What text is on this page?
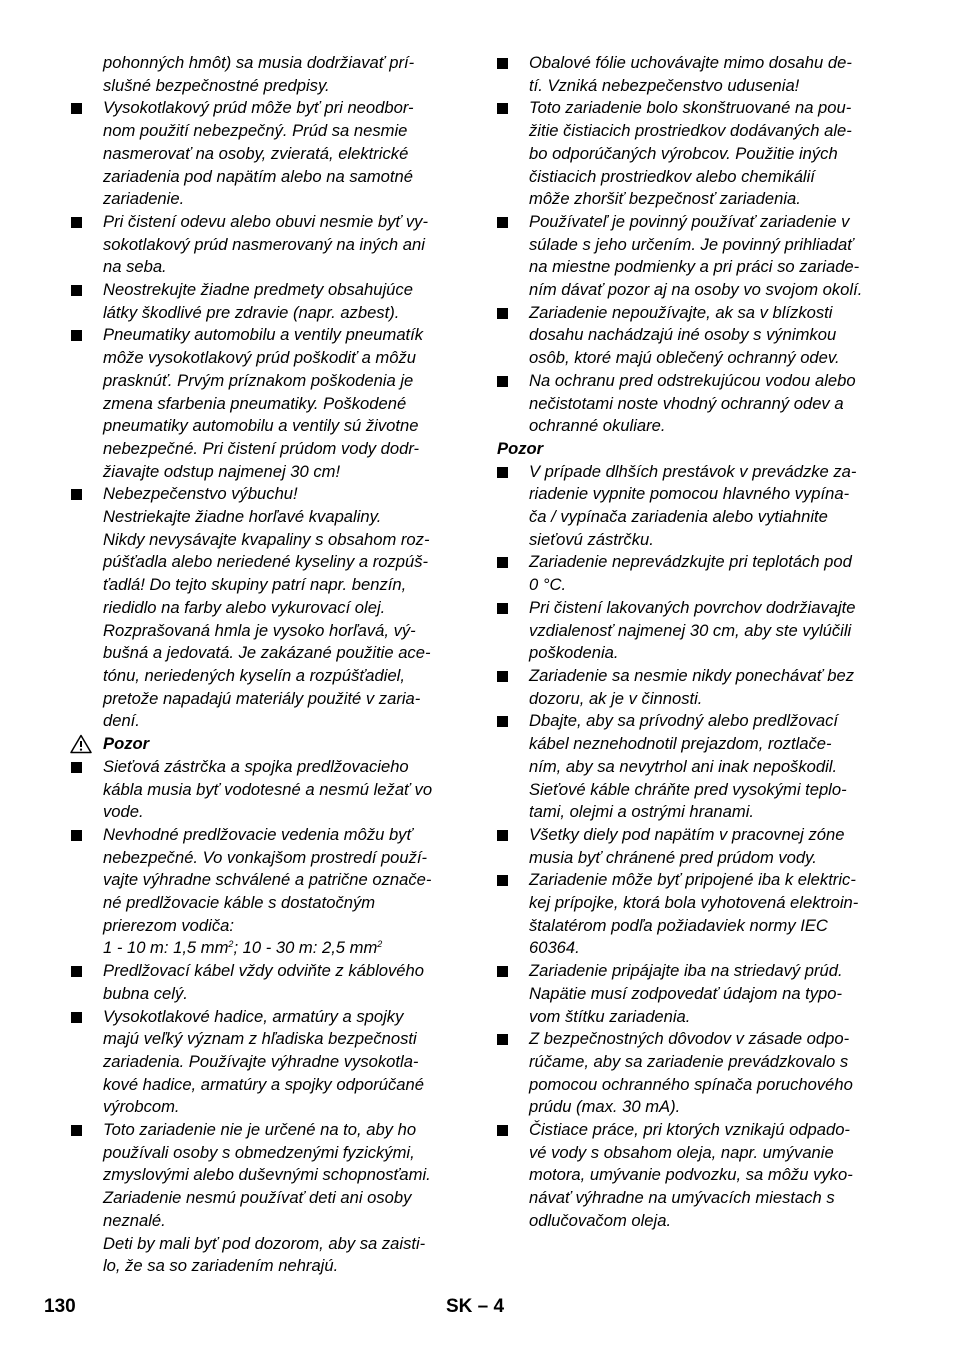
pohonných hmôt) sa musia dodržiavať prí-
slušné bezpečnostné predpisy.
Vysokotlakový prúd môže byť pri neodbor-
nom použití nebezpečný. Prúd sa nesmie
nasmerovať na osoby, zvieratá, elektrické
zariadenia pod napätím alebo na samotné
zariadenie.
Pri čistení odevu alebo obuvi nesmie byť vy-
sokotlakový prúd nasmerovaný na iných ani
na seba.
Neostrekujte žiadne predmety obsahujúce
látky škodlivé pre zdravie (napr. azbest).
Pneumatiky automobilu a ventily pneumatík
môže vysokotlakový prúd poškodiť a môžu
prasknúť. Prvým príznakom poškodenia je
zmena sfarbenia pneumatiky. Poškodené
pneumatiky automobilu a ventily sú životne
nebezpečné. Pri čistení prúdom vody dodr-
žiavajte odstup najmenej 30 cm!
Nebezpečenstvo výbuchu!
Nestriekajte žiadne horľavé kvapaliny.
Nikdy nevysávajte kvapaliny s obsahom roz-
púšťadla alebo neriedené kyseliny a rozpúš-
ťadlá! Do tejto skupiny patrí napr. benzín,
riedidlo na farby alebo vykurovací olej.
Rozprašovaná hmla je vysoko horľavá, vý-
bušná a jedovatá. Je zakázané použitie ace-
tónu, neriedených kyselín a rozpúšťadiel,
pretože napadajú materiály použité v zaria-
dení.
Pozor
Sieťová zástrčka a spojka predlžovacieho
kábla musia byť vodotesné a nesmú ležať vo
vode.
Nevhodné predlžovacie vedenia môžu byť
nebezpečné. Vo vonkajšom prostredí použí-
vajte výhradne schválené a patrične označe-
né predlžovacie káble s dostatočným
prierezom vodiča:
1 - 10 m: 1,5 $mm^2$; 10 - 30 m: 2,5 $mm^2$
Predlžovací kábel vždy odviňte z káblového
bubna celý.
Vysokotlakové hadice, armatúry a spojky
majú veľký význam z hľadiska bezpečnosti
zariadenia. Používajte výhradne vysokotla-
kové hadice, armatúry a spojky odporúčané
výrobcom.
Toto zariadenie nie je určené na to, aby ho
používali osoby s obmedzenými fyzickými,
zmyslovými alebo duševnými schopnosťami.
Zariadenie nesmú používať deti ani osoby
neznalé.
Deti by mali byť pod dozorom, aby sa zaisti-
lo, že sa so zariadením nehrajú.
Obalové fólie uchovávajte mimo dosahu de-
tí. Vzniká nebezpečenstvo udusenia!
Toto zariadenie bolo skonštruované na pou-
žitie čistiacich prostriedkov dodávaných ale-
bo odporúčaných výrobcov. Použitie iných
čistiacich prostriedkov alebo chemikálií
môže zhoršiť bezpečnosť zariadenia.
Používateľ je povinný používať zariadenie v
súlade s jeho určením. Je povinný prihliadať
na miestne podmienky a pri práci so zariade-
ním dávať pozor aj na osoby vo svojom okolí.
Zariadenie nepoužívajte, ak sa v blízkosti
dosahu nachádzajú iné osoby s výnimkou
osôb, ktoré majú oblečený ochranný odev.
Na ochranu pred odstrekujúcou vodou alebo
nečistotami noste vhodný ochranný odev a
ochranné okuliare.
Pozor
V prípade dlhších prestávok v prevádzke za-
riadenie vypnite pomocou hlavného vypína-
ča / vypínača zariadenia alebo vytiahnite
sieťovú zástrčku.
Zariadenie neprevádzkujte pri teplotách pod
0 °C.
Pri čistení lakovaných povrchov dodržiavajte
vzdialenosť najmenej 30 cm, aby ste vylúčili
poškodenia.
Zariadenie sa nesmie nikdy ponechávať bez
dozoru, ak je v činnosti.
Dbajte, aby sa prívodný alebo predlžovací
kábel neznehodnotil prejazdom, roztlače-
ním, aby sa nevytrhol ani inak nepoškodil.
Sieťové káble chráňte pred vysokými teplo-
tami, olejmi a ostrými hranami.
Všetky diely pod napätím v pracovnej zóne
musia byť chránené pred prúdom vody.
Zariadenie môže byť pripojené iba k elektric-
kej prípojke, ktorá bola vyhotovená elektroin-
štalatérom podľa požiadaviek normy IEC
60364.
Zariadenie pripájajte iba na striedavý prúd.
Napätie musí zodpovedať údajom na typo-
vom štítku zariadenia.
Z bezpečnostných dôvodov v zásade odpo-
rúčame, aby sa zariadenie prevádzkovalo s
pomocou ochranného spínača poruchového
prúdu (max. 30 mA).
Čistiace práce, pri ktorých vznikajú odpado-
vé vody s obsahom oleja, napr. umývanie
motora, umývanie podvozku, sa môžu vyko-
návať výhradne na umývacích miestach s
odlučovačom oleja.
130	SK – 4
